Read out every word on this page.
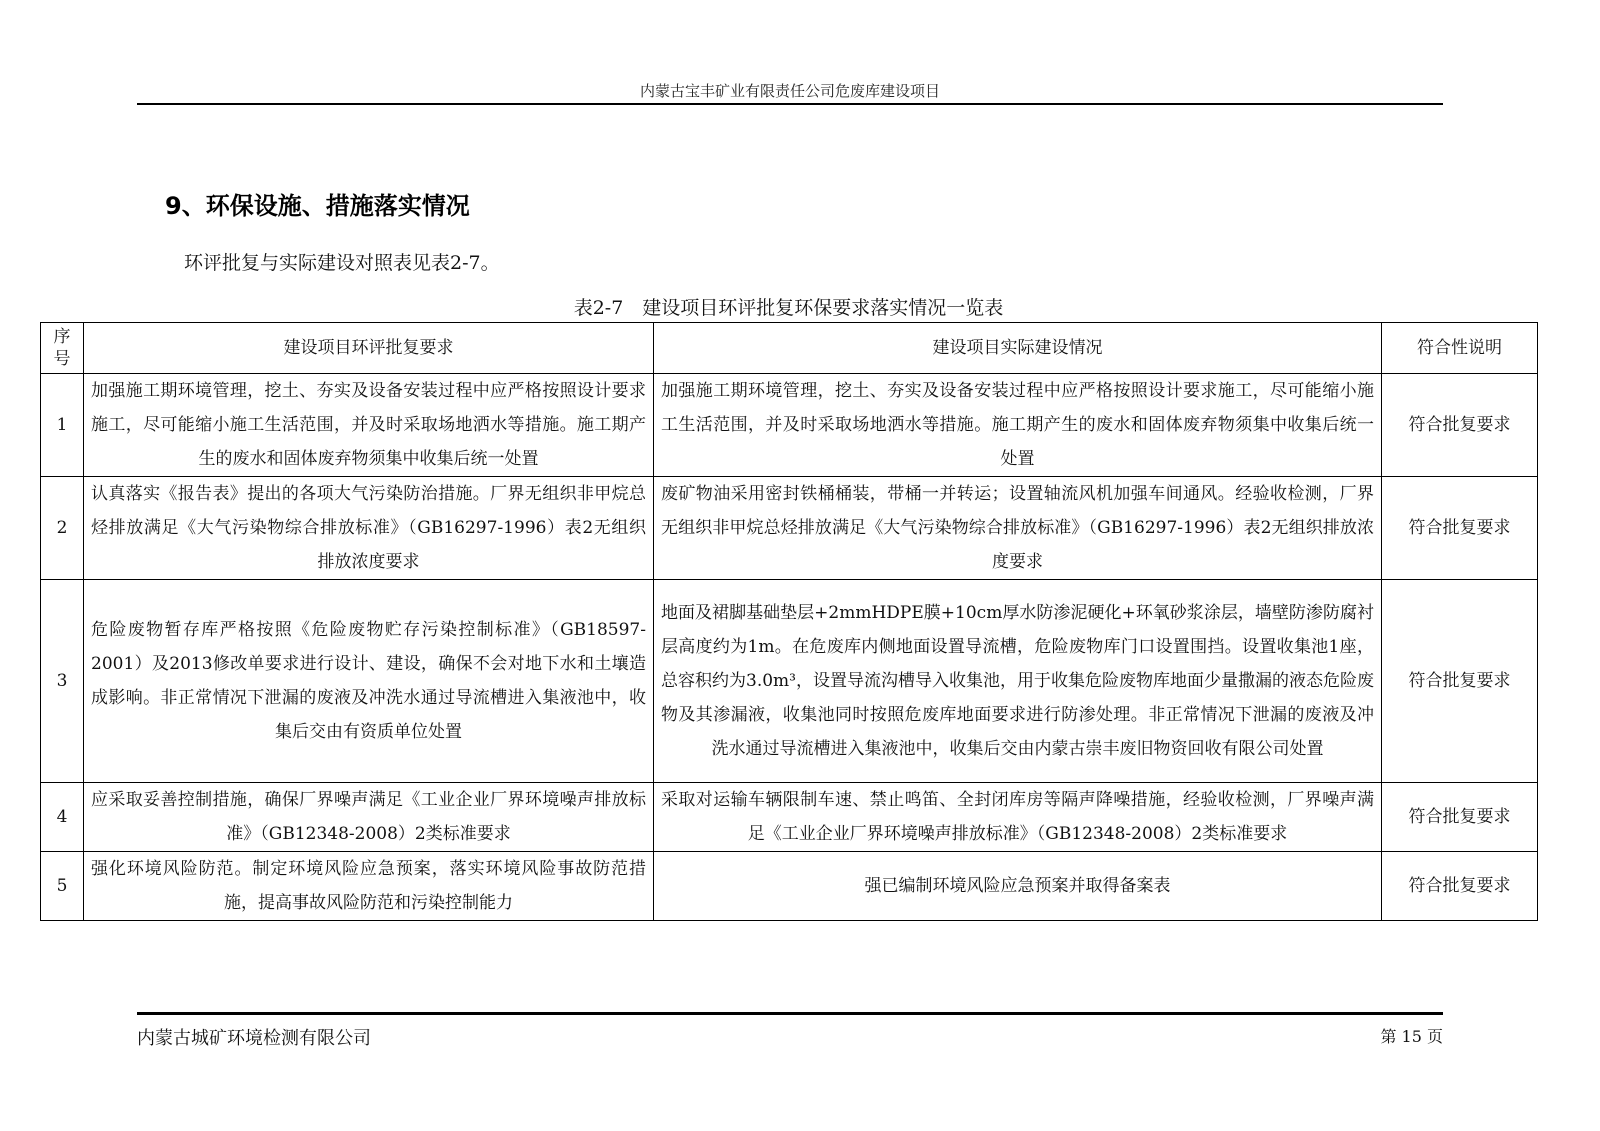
内蒙古宝丰矿业有限责任公司危废库建设项目
9、环保设施、措施落实情况
环评批复与实际建设对照表见表2-7。
表2-7　建设项目环评批复环保要求落实情况一览表
序
号	建设项目环评批复要求	建设项目实际建设情况	符合性说明
1	加强施工期环境管理，挖土、夯实及设备安装过程中应严格按照设计要求施工，尽可能缩小施工生活范围，并及时采取场地洒水等措施。施工期产生的废水和固体废弃物须集中收集后统一处置	加强施工期环境管理，挖土、夯实及设备安装过程中应严格按照设计要求施工，尽可能缩小施工生活范围，并及时采取场地洒水等措施。施工期产生的废水和固体废弃物须集中收集后统一处置	符合批复要求
2	认真落实《报告表》提出的各项大气污染防治措施。厂界无组织非甲烷总烃排放满足《大气污染物综合排放标准》（GB16297-1996）表2无组织排放浓度要求	废矿物油采用密封铁桶桶装，带桶一并转运；设置轴流风机加强车间通风。经验收检测，厂界无组织非甲烷总烃排放满足《大气污染物综合排放标准》（GB16297-1996）表2无组织排放浓度要求	符合批复要求
3	危险废物暂存库严格按照《危险废物贮存污染控制标准》（GB18597-2001）及2013修改单要求进行设计、建设，确保不会对地下水和土壤造成影响。非正常情况下泄漏的废液及冲洗水通过导流槽进入集液池中，收集后交由有资质单位处置	地面及裙脚基础垫层+2mmHDPE膜+10cm厚水防渗泥硬化+环氧砂浆涂层，墙壁防渗防腐衬层高度约为1m。在危废库内侧地面设置导流槽，危险废物库门口设置围挡。设置收集池1座，总容积约为3.0m³，设置导流沟槽导入收集池，用于收集危险废物库地面少量撒漏的液态危险废物及其渗漏液，收集池同时按照危废库地面要求进行防渗处理。非正常情况下泄漏的废液及冲洗水通过导流槽进入集液池中，收集后交由内蒙古崇丰废旧物资回收有限公司处置	符合批复要求
4	应采取妥善控制措施，确保厂界噪声满足《工业企业厂界环境噪声排放标准》（GB12348-2008）2类标准要求	采取对运输车辆限制车速、禁止鸣笛、全封闭库房等隔声降噪措施，经验收检测，厂界噪声满足《工业企业厂界环境噪声排放标准》（GB12348-2008）2类标准要求	符合批复要求
5	强化环境风险防范。制定环境风险应急预案，落实环境风险事故防范措施，提高事故风险防范和污染控制能力	强已编制环境风险应急预案并取得备案表	符合批复要求
内蒙古城矿环境检测有限公司	第 15 页
